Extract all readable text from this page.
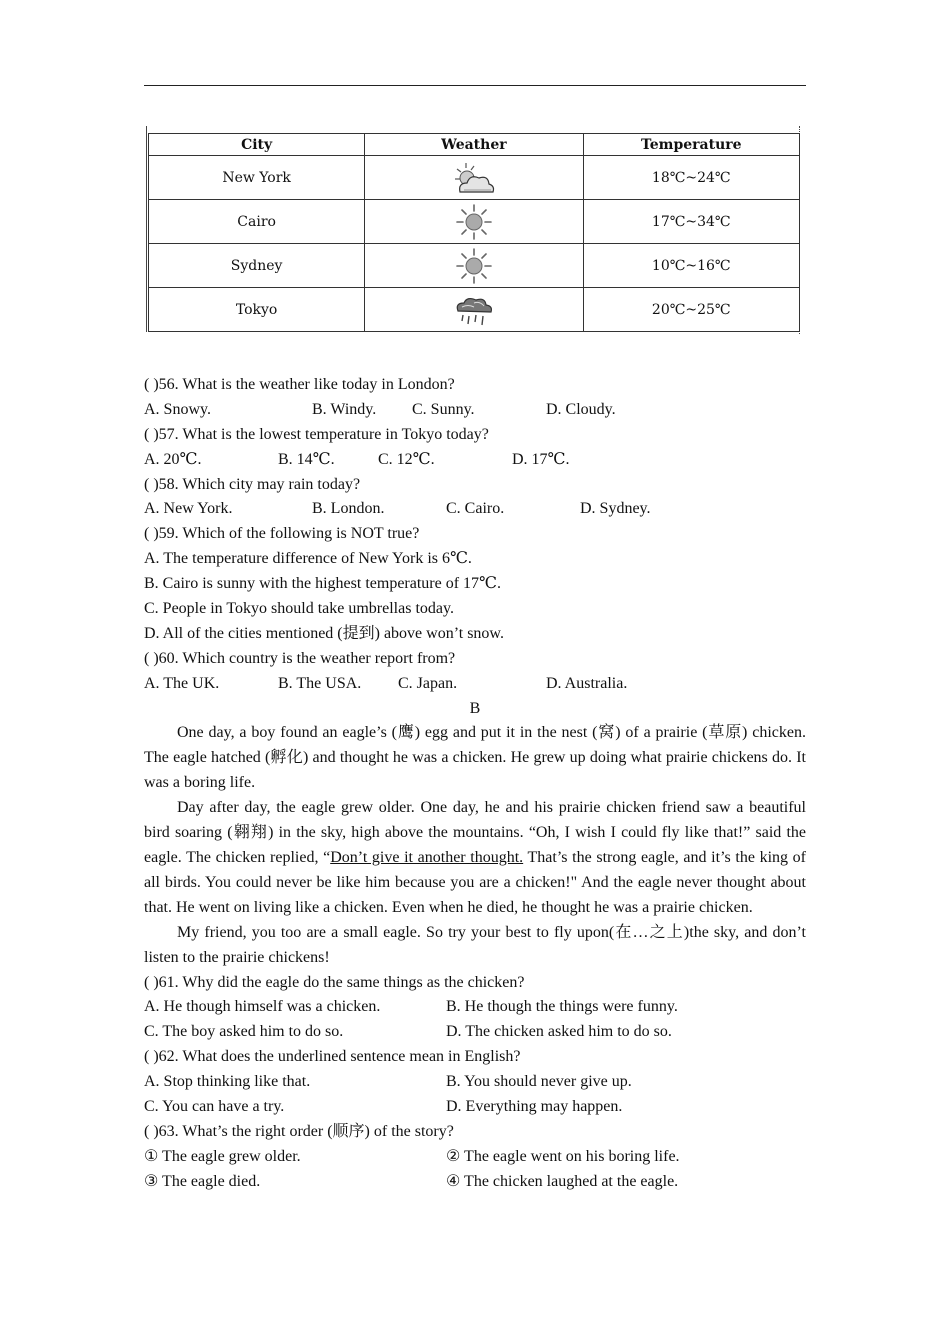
City	Weather	Temperature
New York		18℃~24℃
Cairo		17℃~34℃
Sydney		10℃~16℃
Tokyo		20℃~25℃
( )56. What is the weather like today in London?
A. Snowy.	B. Windy. C. Sunny.	D. Cloudy.
( )57. What is the lowest temperature in Tokyo today?
A. 20℃.	B. 14℃.	C. 12℃.	D. 17℃.
( )58. Which city may rain today?
A. New York.	B. London.	C. Cairo.	D. Sydney.
( )59. Which of the following is NOT true?
A. The temperature difference of New York is 6℃.
B. Cairo is sunny with the highest temperature of 17℃.
C. People in Tokyo should take umbrellas today.
D. All of the cities mentioned (提到) above won’t snow.
( )60. Which country is the weather report from?
A. The UK.	B. The USA. C. Japan.	D. Australia.
B

One day, a boy found an eagle’s (鹰) egg and put it in the nest (窝) of a prairie (草原) chicken. The eagle hatched (孵化) and thought he was a chicken. He grew up doing what prairie chickens do. It was a boring life.

Day after day, the eagle grew older. One day, he and his prairie chicken friend saw a beautiful bird soaring (翱翔) in the sky, high above the mountains. “Oh, I wish I could fly like that!” said the eagle. The chicken replied, “Don’t give it another thought. That’s the strong eagle, and it’s the king of all birds. You could never be like him because you are a chicken!" And the eagle never thought about that. He went on living like a chicken. Even when he died, he thought he was a prairie chicken.

My friend, you too are a small eagle. So try your best to fly upon(在…之上)the sky, and don’t listen to the prairie chickens!

( )61. Why did the eagle do the same things as the chicken?
A. He though himself was a chicken.	B. He though the things were funny.
C. The boy asked him to do so.	D. The chicken asked him to do so.
( )62. What does the underlined sentence mean in English?
A. Stop thinking like that.	B. You should never give up.
C. You can have a try.	D. Everything may happen.
( )63. What’s the right order (顺序) of the story?
① The eagle grew older.	② The eagle went on his boring life.
③ The eagle died.	④ The chicken laughed at the eagle.
